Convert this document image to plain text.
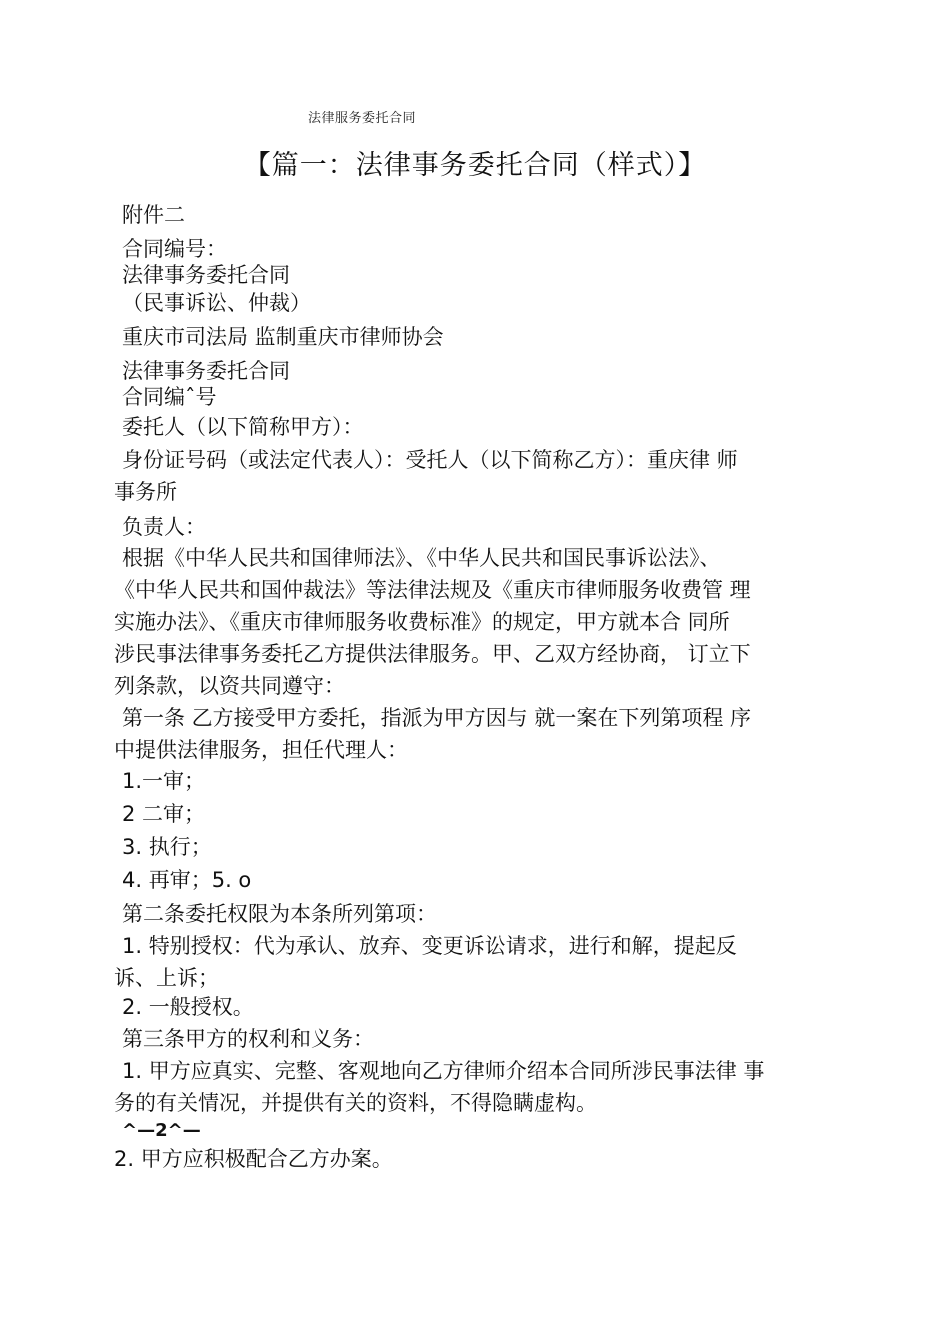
法律服务委托合同
【篇一：法律事务委托合同（样式）】
附件二
合同编号：
法律事务委托合同
（民事诉讼、仲裁）
重庆市司法局 监制重庆市律师协会
法律事务委托合同
合同编ˆ号
委托人（以下简称甲方）：
身份证号码（或法定代表人）：受托人（以下简称乙方）：重庆律 师
事务所
负责人：
根据《中华人民共和国律师法》、《中华人民共和国民事诉讼法》、
《中华人民共和国仲裁法》等法律法规及《重庆市律师服务收费管 理
实施办法》、《重庆市律师服务收费标准》的规定，甲方就本合 同所
涉民事法律事务委托乙方提供法律服务。甲、乙双方经协商， 订立下
列条款，以资共同遵守：
第一条 乙方接受甲方委托，指派为甲方因与 就一案在下列第项程 序
中提供法律服务，担任代理人：
1.一审；
2 二审；
3. 执行；
4. 再审；5. o
第二条委托权限为本条所列第项：
1. 特别授权：代为承认、放弃、变更诉讼请求，进行和解，提起反
诉、上诉；
2. 一般授权。
第三条甲方的权利和义务：
1. 甲方应真实、完整、客观地向乙方律师介绍本合同所涉民事法律 事
务的有关情况，并提供有关的资料，不得隐瞒虚构。
^—2^—
2. 甲方应积极配合乙方办案。
